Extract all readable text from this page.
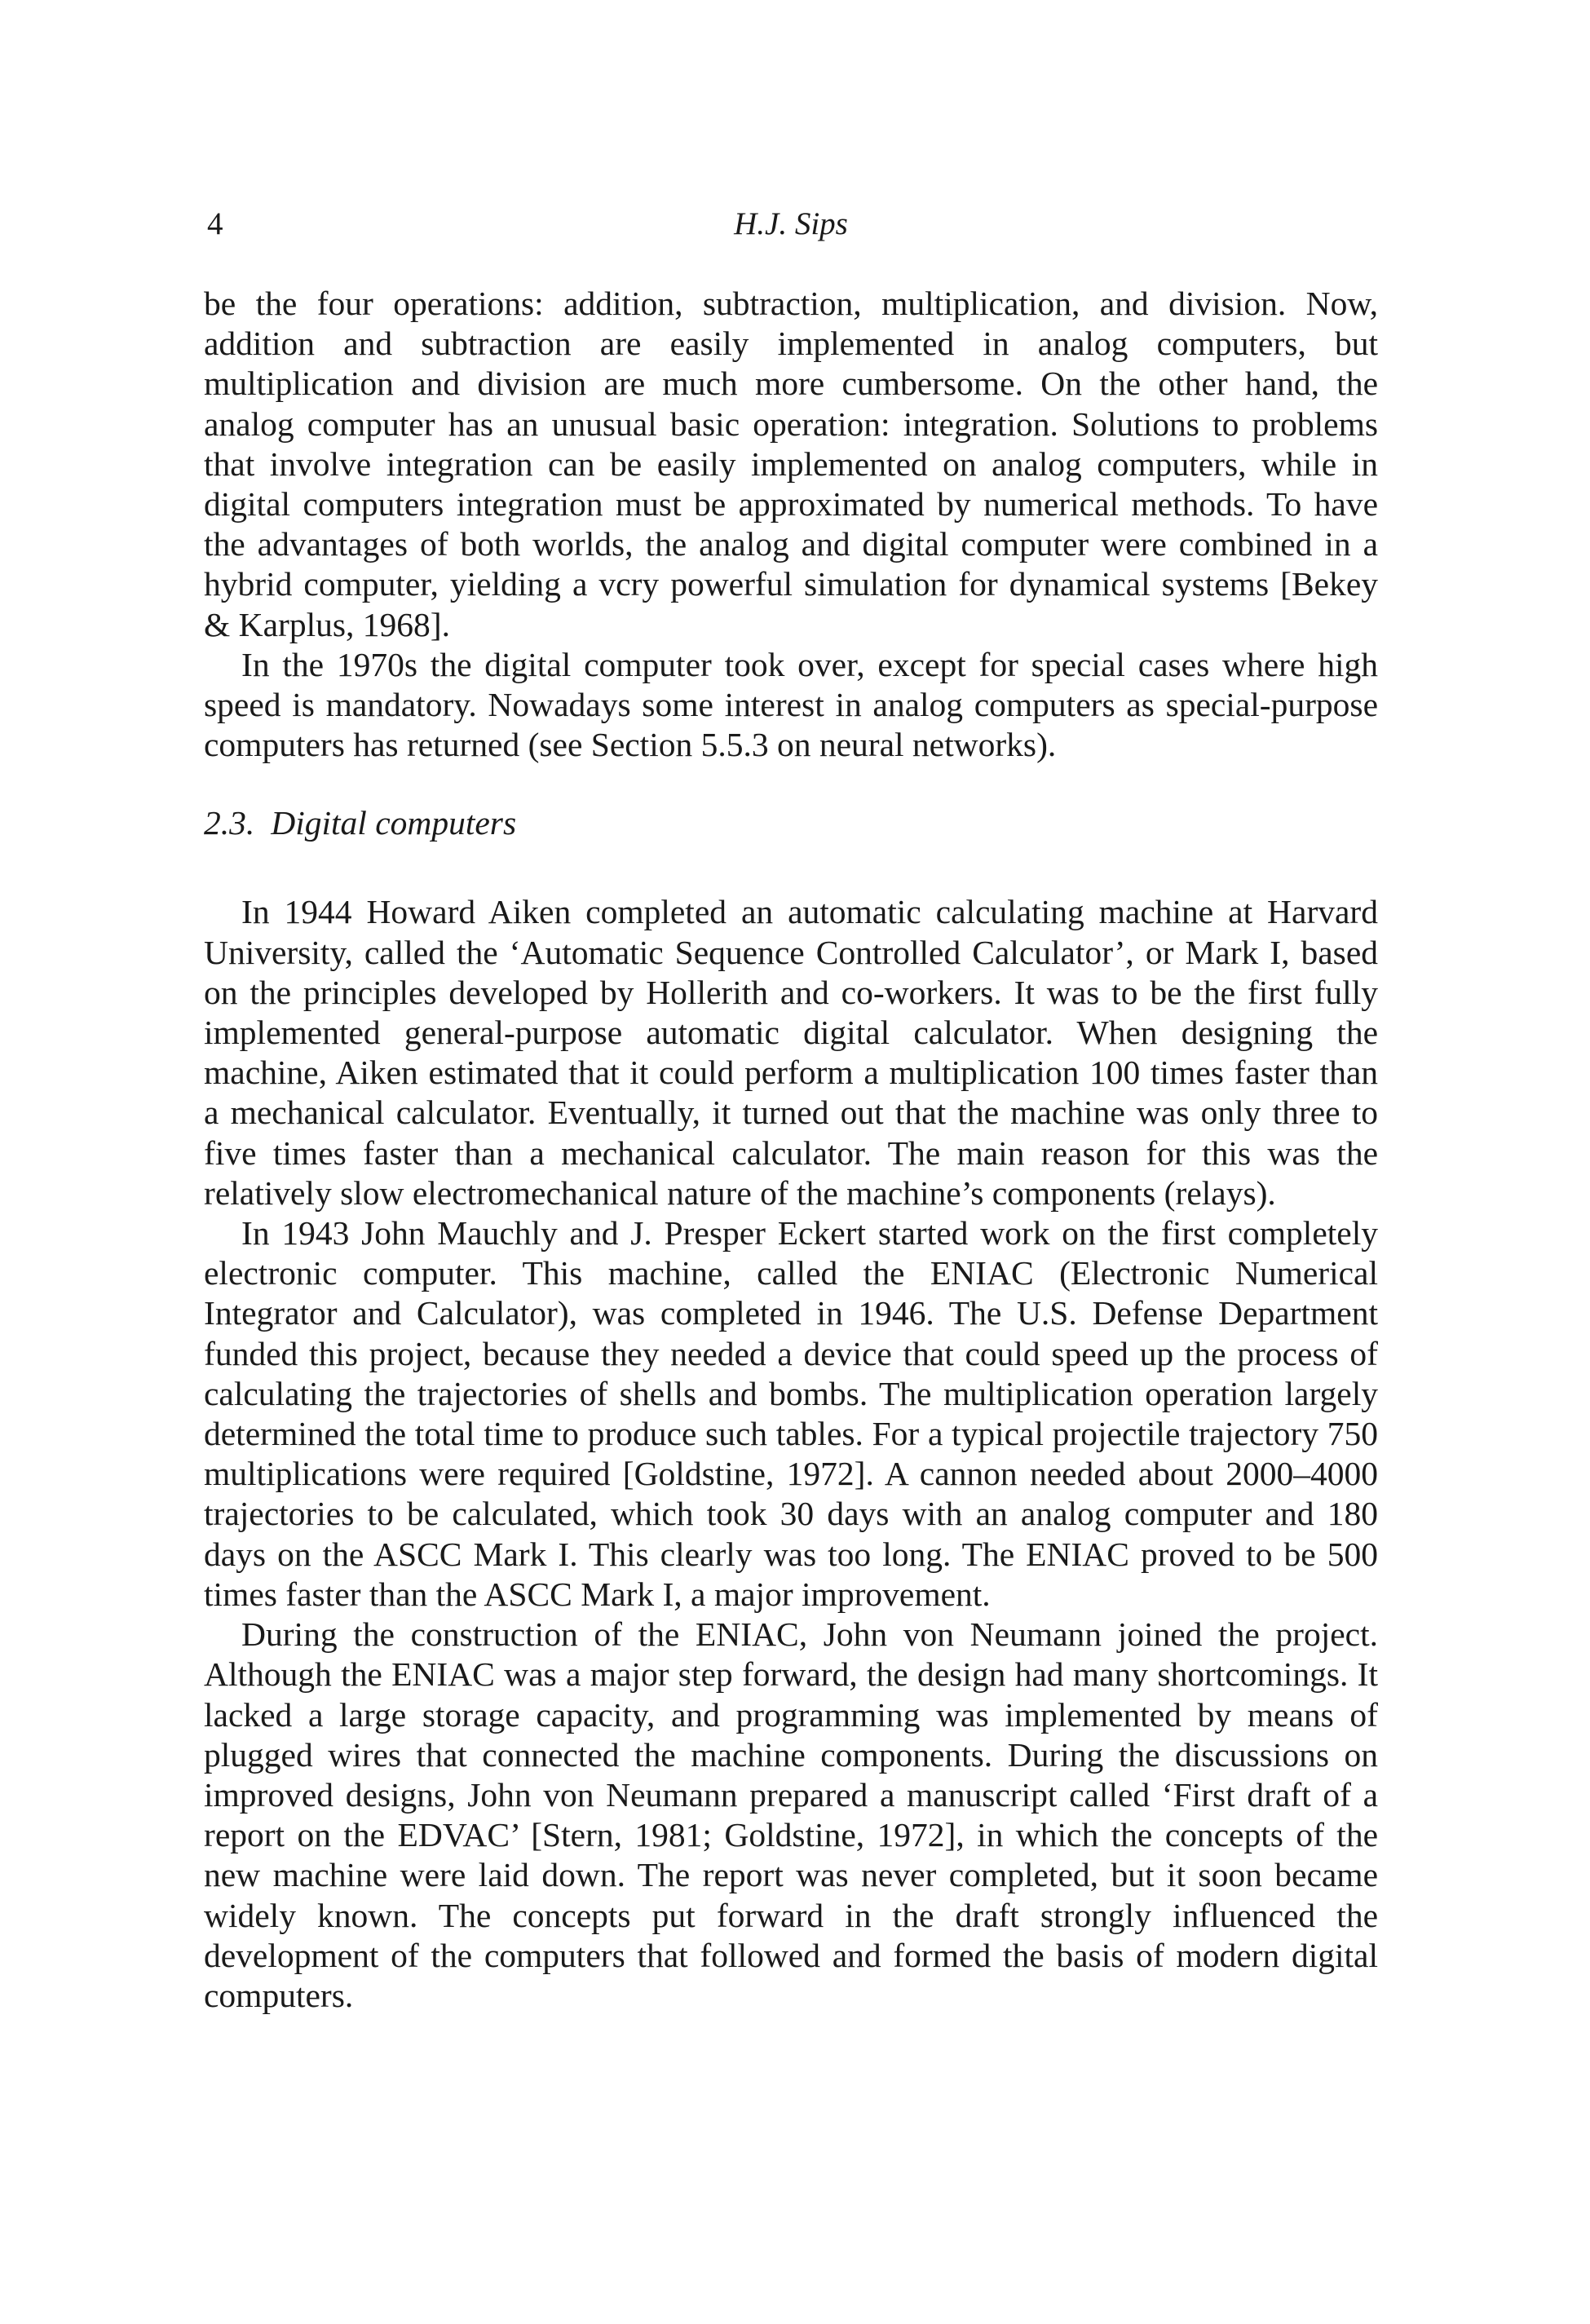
4	H.J. Sips

be the four operations: addition, subtraction, multiplication, and division. Now, addition and subtraction are easily implemented in analog computers, but multiplication and division are much more cumbersome. On the other hand, the analog computer has an unusual basic operation: integration. Solutions to problems that involve integration can be easily implemented on analog computers, while in digital computers integration must be approximated by numerical methods. To have the advantages of both worlds, the analog and digital computer were combined in a hybrid computer, yielding a vcry powerful simulation for dynamical systems [Bekey & Karplus, 1968].

In the 1970s the digital computer took over, except for special cases where high speed is mandatory. Nowadays some interest in analog computers as special-purpose computers has returned (see Section 5.5.3 on neural networks).

2.3. Digital computers

In 1944 Howard Aiken completed an automatic calculating machine at Harvard University, called the ‘Automatic Sequence Controlled Calculator’, or Mark I, based on the principles developed by Hollerith and co-workers. It was to be the first fully implemented general-purpose automatic digital calculator. When designing the machine, Aiken estimated that it could perform a multiplication 100 times faster than a mechanical calculator. Eventually, it turned out that the machine was only three to five times faster than a mechanical calculator. The main reason for this was the relatively slow electromechanical nature of the machine’s components (relays).

In 1943 John Mauchly and J. Presper Eckert started work on the first completely electronic computer. This machine, called the ENIAC (Electronic Numerical Integrator and Calculator), was completed in 1946. The U.S. Defense Department funded this project, because they needed a device that could speed up the process of calculating the trajectories of shells and bombs. The multiplication operation largely determined the total time to produce such tables. For a typical projectile trajectory 750 multiplications were required [Goldstine, 1972]. A cannon needed about 2000–4000 trajectories to be calculated, which took 30 days with an analog computer and 180 days on the ASCC Mark I. This clearly was too long. The ENIAC proved to be 500 times faster than the ASCC Mark I, a major improvement.

During the construction of the ENIAC, John von Neumann joined the project. Although the ENIAC was a major step forward, the design had many shortcomings. It lacked a large storage capacity, and programming was implemented by means of plugged wires that connected the machine components. During the discussions on improved designs, John von Neumann prepared a manuscript called ‘First draft of a report on the EDVAC’ [Stern, 1981; Goldstine, 1972], in which the concepts of the new machine were laid down. The report was never completed, but it soon became widely known. The concepts put forward in the draft strongly influenced the development of the computers that followed and formed the basis of modern digital computers.
